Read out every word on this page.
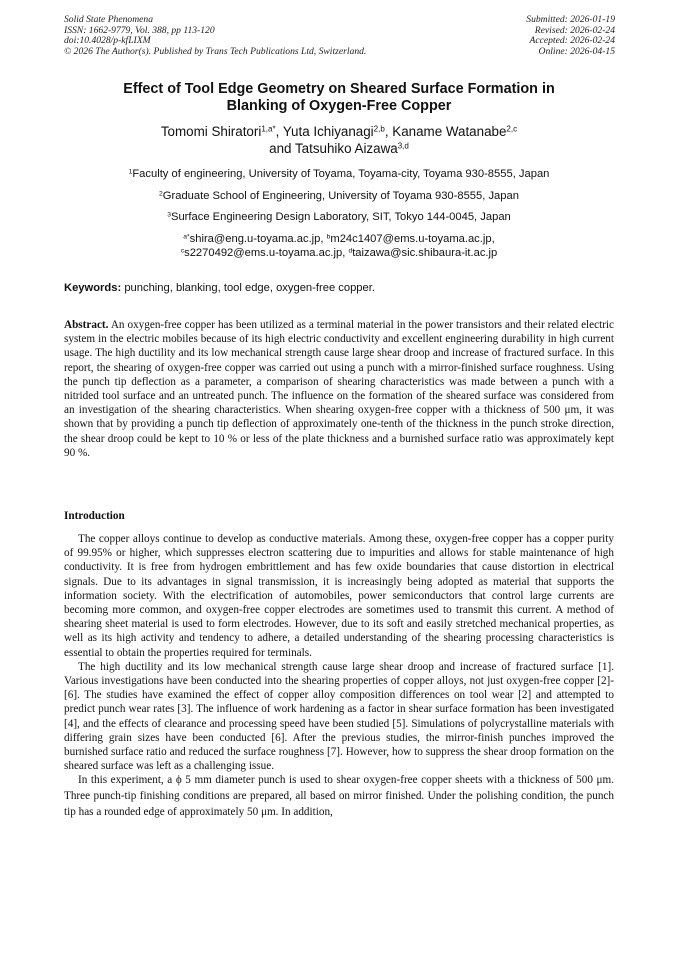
Solid State Phenomena
ISSN: 1662-9779, Vol. 388, pp 113-120
doi:10.4028/p-kfLIXM
© 2026 The Author(s). Published by Trans Tech Publications Ltd, Switzerland.
Submitted: 2026-01-19
Revised: 2026-02-24
Accepted: 2026-02-24
Online: 2026-04-15
Effect of Tool Edge Geometry on Sheared Surface Formation in
Blanking of Oxygen-Free Copper
Tomomi Shiratori$^{1,a*}$, Yuta Ichiyanagi$^{2,b}$, Kaname Watanabe$^{2,c}$
and Tatsuhiko Aizawa$^{3,d}$
$^1$Faculty of engineering, University of Toyama, Toyama-city, Toyama 930-8555, Japan
$^2$Graduate School of Engineering, University of Toyama 930-8555, Japan
$^3$Surface Engineering Design Laboratory, SIT, Tokyo 144-0045, Japan
$^{a*}$shira@eng.u-toyama.ac.jp, $^b$m24c1407@ems.u-toyama.ac.jp,
$^c$s2270492@ems.u-toyama.ac.jp, $^d$taizawa@sic.shibaura-it.ac.jp
Keywords: punching, blanking, tool edge, oxygen-free copper.
Abstract. An oxygen-free copper has been utilized as a terminal material in the power transistors and their related electric system in the electric mobiles because of its high electric conductivity and excellent engineering durability in high current usage. The high ductility and its low mechanical strength cause large shear droop and increase of fractured surface. In this report, the shearing of oxygen-free copper was carried out using a punch with a mirror-finished surface roughness. Using the punch tip deflection as a parameter, a comparison of shearing characteristics was made between a punch with a nitrided tool surface and an untreated punch. The influence on the formation of the sheared surface was considered from an investigation of the shearing characteristics. When shearing oxygen-free copper with a thickness of 500 μm, it was shown that by providing a punch tip deflection of approximately one-tenth of the thickness in the punch stroke direction, the shear droop could be kept to 10 % or less of the plate thickness and a burnished surface ratio was approximately kept 90 %.
Introduction

The copper alloys continue to develop as conductive materials. Among these, oxygen-free copper has a copper purity of 99.95% or higher, which suppresses electron scattering due to impurities and allows for stable maintenance of high conductivity. It is free from hydrogen embrittlement and has few oxide boundaries that cause distortion in electrical signals. Due to its advantages in signal transmission, it is increasingly being adopted as material that supports the information society. With the electrification of automobiles, power semiconductors that control large currents are becoming more common, and oxygen-free copper electrodes are sometimes used to transmit this current. A method of shearing sheet material is used to form electrodes. However, due to its soft and easily stretched mechanical properties, as well as its high activity and tendency to adhere, a detailed understanding of the shearing processing characteristics is essential to obtain the properties required for terminals.

The high ductility and its low mechanical strength cause large shear droop and increase of fractured surface [1]. Various investigations have been conducted into the shearing properties of copper alloys, not just oxygen-free copper [2]-[6]. The studies have examined the effect of copper alloy composition differences on tool wear [2] and attempted to predict punch wear rates [3]. The influence of work hardening as a factor in shear surface formation has been investigated [4], and the effects of clearance and processing speed have been studied [5]. Simulations of polycrystalline materials with differing grain sizes have been conducted [6]. After the previous studies, the mirror-finish punches improved the burnished surface ratio and reduced the surface roughness [7]. However, how to suppress the shear droop formation on the sheared surface was left as a challenging issue.

In this experiment, a ϕ 5 mm diameter punch is used to shear oxygen-free copper sheets with a thickness of 500 μm. Three punch-tip finishing conditions are prepared, all based on mirror finished. Under the polishing condition, the punch tip has a rounded edge of approximately 50 μm. In addition,
